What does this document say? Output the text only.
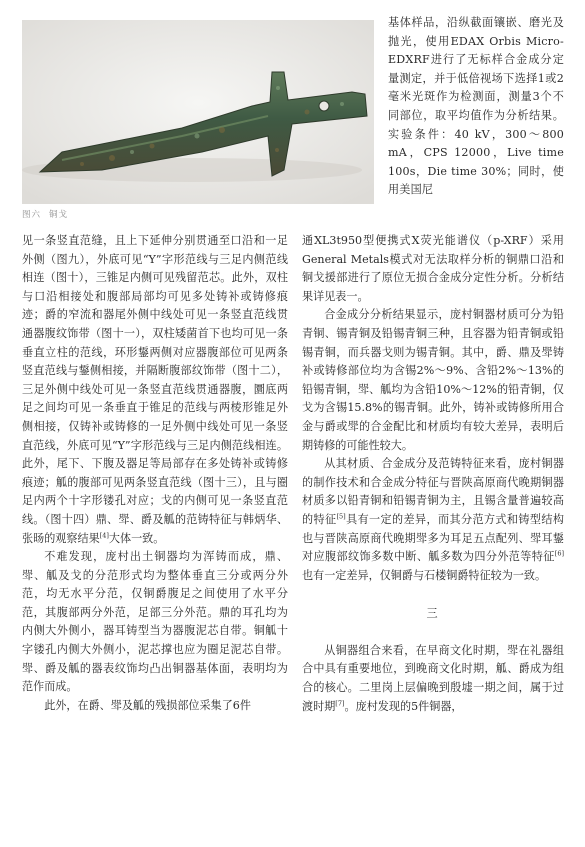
图六 铜戈

基体样品，沿纵截面镶嵌、磨光及抛光，使用EDAX Orbis Micro-EDXRF进行了无标样合金成分定量测定，并于低倍视场下选择1或2毫米光斑作为检测面，测量3个不同部位，取平均值作为分析结果。实验条件：40 kV，300～800 mA，CPS 12000，Live time 100s，Die time 30%；同时，使用美国尼

见一条竖直范缝，且上下延伸分别贯通至口沿和一足外侧（图九），外底可见“Y”字形范线与三足内侧范线相连（图十），三锥足内侧可见残留范芯。此外，双柱与口沿相接处和腹部局部均可见多处铸补或铸修痕迹；爵的窄流和器尾外侧中线处可见一条竖直范线贯通器腹纹饰带（图十一），双柱矮菌首下也均可见一条垂直立柱的范线，环形鋬两侧对应器腹部位可见两条竖直范线与鋬侧相接，并隔断腹部纹饰带（图十二），三足外侧中线处可见一条竖直范线贯通器腹，圜底两足之间均可见一条垂直于锥足的范线与两棱形锥足外侧相接，仅铸补或铸修的一足外侧中线处可见一条竖直范线，外底可见“Y”字形范线与三足内侧范线相连。此外，尾下、下腹及器足等局部存在多处铸补或铸修痕迹；觚的腹部可见两条竖直范线（图十三），且与圈足内两个十字形镂孔对应；戈的内侧可见一条竖直范线。（图十四）鼎、斝、爵及觚的范铸特征与韩炳华、张旸的观察结果[4]大体一致。

不难发现，庞村出土铜器均为浑铸而成，鼎、斝、觚及戈的分范形式均为整体垂直三分或两分外范，均无水平分范，仅铜爵腹足之间使用了水平分范，其腹部两分外范，足部三分外范。鼎的耳孔均为内侧大外侧小，器耳铸型当为器腹泥芯自带。铜觚十字镂孔内侧大外侧小，泥芯撑也应为圈足泥芯自带。斝、爵及觚的器表纹饰均凸出铜器基体面，表明均为范作而成。

此外，在爵、斝及觚的残损部位采集了6件

通XL3t950型便携式X荧光能谱仪（p-XRF）采用General Metals模式对无法取样分析的铜鼎口沿和铜戈援部进行了原位无损合金成分定性分析。分析结果详见表一。

合金成分分析结果显示，庞村铜器材质可分为铅青铜、锡青铜及铅锡青铜三种，且容器为铅青铜或铅锡青铜，而兵器戈则为锡青铜。其中，爵、鼎及斝铸补或铸修部位均为含锡2%～9%、含铅2%～13%的铅锡青铜，斝、觚均为含铅10%～12%的铅青铜，仅戈为含锡15.8%的锡青铜。此外，铸补或铸修所用合金与爵或斝的合金配比和材质均有较大差异，表明后期铸修的可能性较大。

从其材质、合金成分及范铸特征来看，庞村铜器的制作技术和合金成分特征与晋陕高原商代晚期铜器材质多以铅青铜和铅锡青铜为主，且锡含量普遍较高的特征[5]具有一定的差异，而其分范方式和铸型结构也与晋陕高原商代晚期斝多为耳足五点配列、斝耳鋬对应腹部纹饰多数中断、觚多数为四分外范等特征[6]也有一定差异，仅铜爵与石楼铜爵特征较为一致。

三

从铜器组合来看，在早商文化时期，斝在礼器组合中具有重要地位，到晚商文化时期，觚、爵成为组合的核心。二里岗上层偏晚到殷墟一期之间，属于过渡时期[7]。庞村发现的5件铜器，
